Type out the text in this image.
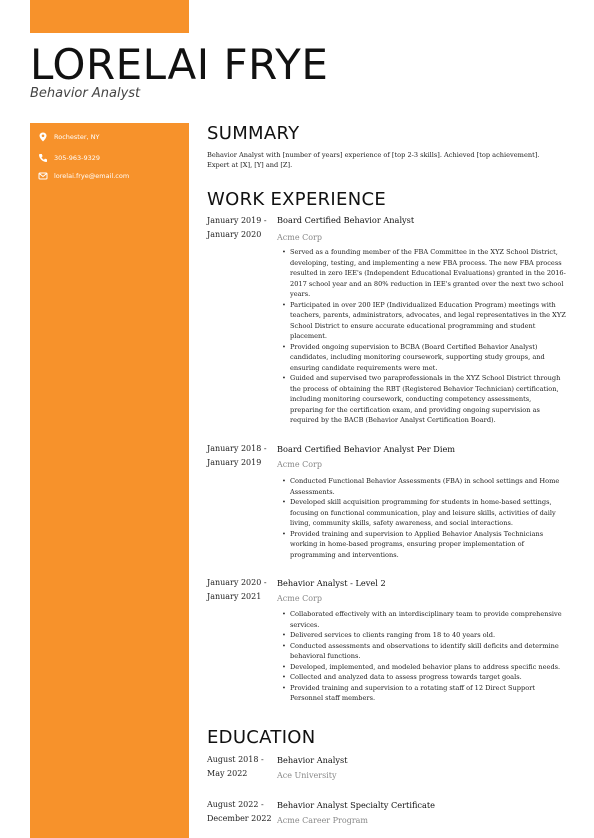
LORELAI FRYE
Behavior Analyst
Rochester, NY
305-963-9329
lorelai.frye@email.com
SUMMARY
Behavior Analyst with [number of years] experience of [top 2-3 skills]. Achieved [top achievement]. Expert at [X], [Y] and [Z].
WORK EXPERIENCE
January 2019 - January 2020
Board Certified Behavior Analyst
Acme Corp
• Served as a founding member of the FBA Committee in the XYZ School District, developing, testing, and implementing a new FBA process. The new FBA process resulted in zero IEE's (Independent Educational Evaluations) granted in the 2016-2017 school year and an 80% reduction in IEE's granted over the next two school years.
• Participated in over 200 IEP (Individualized Education Program) meetings with teachers, parents, administrators, advocates, and legal representatives in the XYZ School District to ensure accurate educational programming and student placement.
• Provided ongoing supervision to BCBA (Board Certified Behavior Analyst) candidates, including monitoring coursework, supporting study groups, and ensuring candidate requirements were met.
• Guided and supervised two paraprofessionals in the XYZ School District through the process of obtaining the RBT (Registered Behavior Technician) certification, including monitoring coursework, conducting competency assessments, preparing for the certification exam, and providing ongoing supervision as required by the BACB (Behavior Analyst Certification Board).
January 2018 - January 2019
Board Certified Behavior Analyst Per Diem
Acme Corp
• Conducted Functional Behavior Assessments (FBA) in school settings and Home Assessments.
• Developed skill acquisition programming for students in home-based settings, focusing on functional communication, play and leisure skills, activities of daily living, community skills, safety awareness, and social interactions.
• Provided training and supervision to Applied Behavior Analysis Technicians working in home-based programs, ensuring proper implementation of programming and interventions.
January 2020 - January 2021
Behavior Analyst - Level 2
Acme Corp
• Collaborated effectively with an interdisciplinary team to provide comprehensive services.
• Delivered services to clients ranging from 18 to 40 years old.
• Conducted assessments and observations to identify skill deficits and determine behavioral functions.
• Developed, implemented, and modeled behavior plans to address specific needs.
• Collected and analyzed data to assess progress towards target goals.
• Provided training and supervision to a rotating staff of 12 Direct Support Personnel staff members.
EDUCATION
August 2018 - May 2022
Behavior Analyst
Ace University
August 2022 - December 2022
Behavior Analyst Specialty Certificate
Acme Career Program
